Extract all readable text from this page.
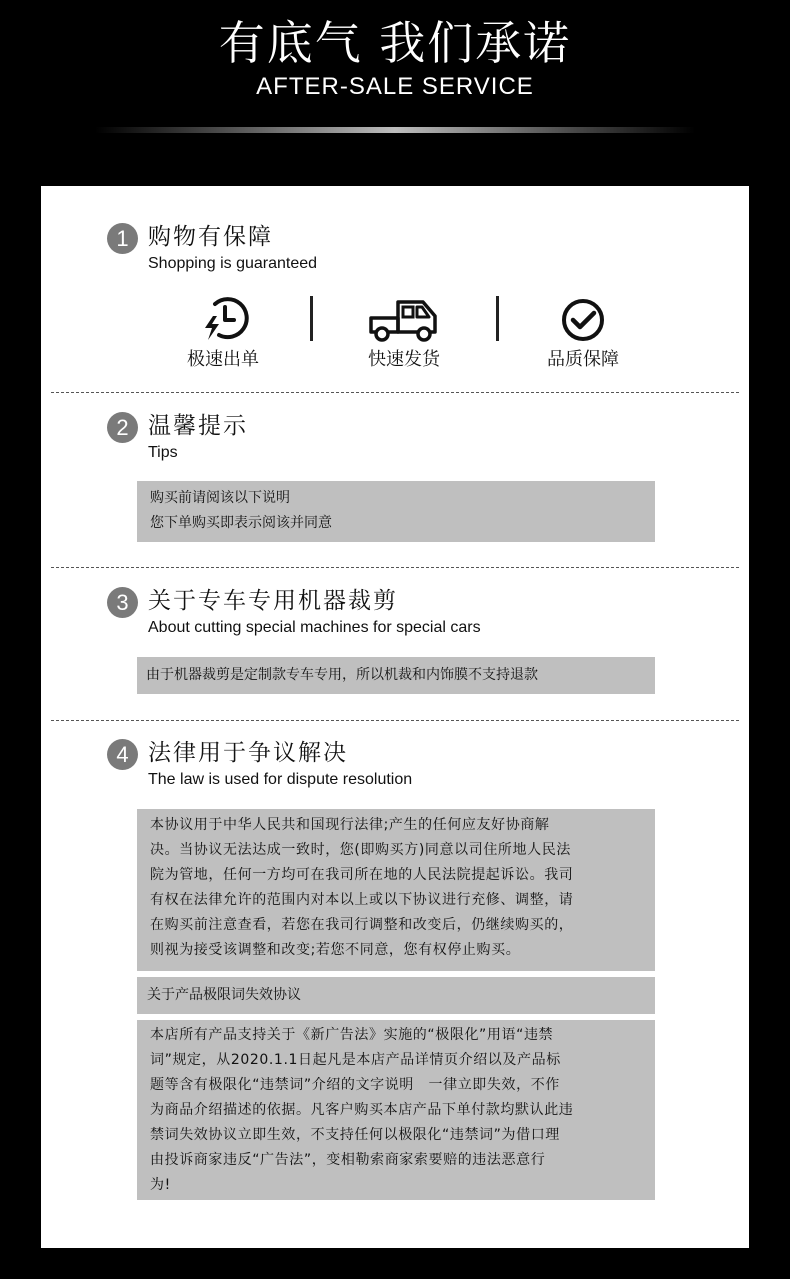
有底气 我们承诺
AFTER-SALE SERVICE
1 购物有保障
Shopping is guaranteed
极速出单	快速发货	品质保障
2 温馨提示
Tips
购买前请阅该以下说明
您下单购买即表示阅该并同意
3 关于专车专用机器裁剪
About cutting special machines for special cars
由于机器裁剪是定制款专车专用，所以机裁和内饰膜不支持退款
4 法律用于争议解决
The law is used for dispute resolution
本协议用于中华人民共和国现行法律;产生的任何应友好协商解
决。当协议无法达成一致时，您(即购买方)同意以司住所地人民法
院为管地，任何一方均可在我司所在地的人民法院提起诉讼。我司
有权在法律允许的范围内对本以上或以下协议进行充修、调整，请
在购买前注意查看，若您在我司行调整和改变后，仍继续购买的，
则视为接受该调整和改变;若您不同意，您有权停止购买。
关于产品极限词失效协议
本店所有产品支持关于《新广告法》实施的“极限化”用语“违禁
词”规定，从2020.1.1日起凡是本店产品详情页介绍以及产品标
题等含有极限化“违禁词”介绍的文字说明　一律立即失效，不作
为商品介绍描述的依据。凡客户购买本店产品下单付款均默认此违
禁词失效协议立即生效，不支持任何以极限化“违禁词”为借口理
由投诉商家违反“广告法”，变相勒索商家索要赔的违法恶意行
为!
